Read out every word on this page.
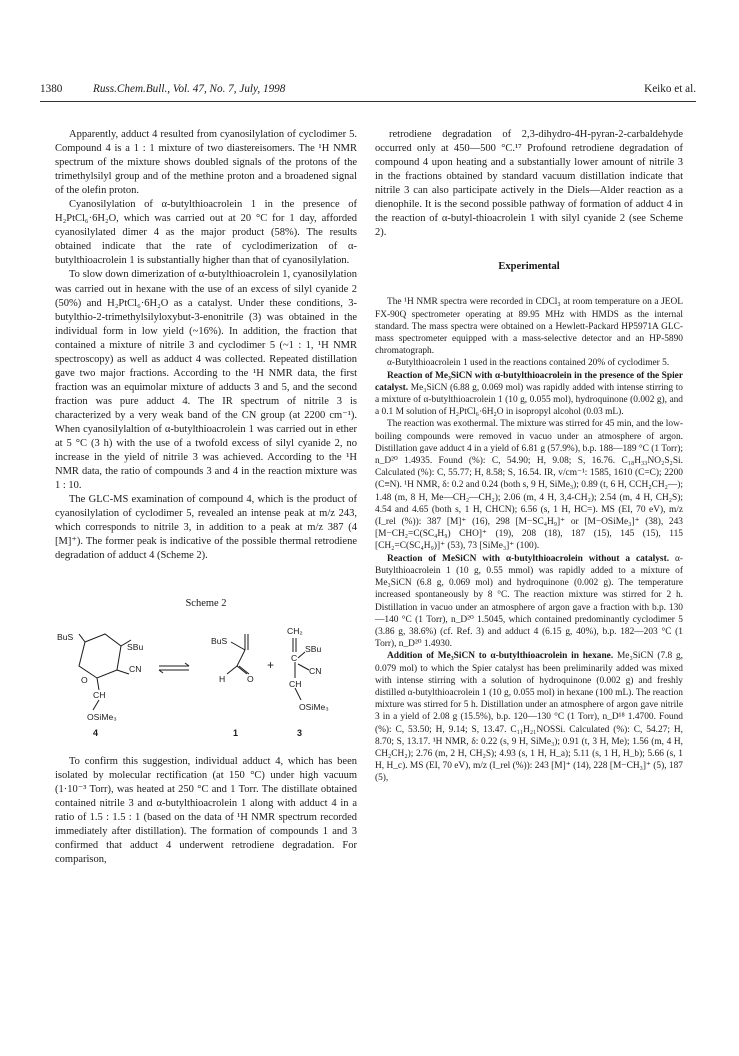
1380	Russ.Chem.Bull., Vol. 47, No. 7, July, 1998	Keiko et al.

Apparently, adduct 4 resulted from cyanosilylation of cyclodimer 5. Compound 4 is a 1 : 1 mixture of two diastereisomers. The ¹H NMR spectrum of the mixture shows doubled signals of the protons of the trimethylsilyl group and of the methine proton and a broadened signal of the olefin proton.

Cyanosilylation of α-butylthioacrolein 1 in the presence of H₂PtCl₆·6H₂O, which was carried out at 20 °C for 1 day, afforded cyanosilylated dimer 4 as the major product (58%). The results obtained indicate that the rate of cyclodimerization of α-butylthioacrolein 1 is substantially higher than that of cyanosilylation.

To slow down dimerization of α-butylthioacrolein 1, cyanosilylation was carried out in hexane with the use of an excess of silyl cyanide 2 (50%) and H₂PtCl₆·6H₂O as a catalyst. Under these conditions, 3-butylthio-2-trimethylsilyloxybut-3-enonitrile (3) was obtained in the individual form in low yield (~16%). In addition, the fraction that contained a mixture of nitrile 3 and cyclodimer 5 (~1 : 1, ¹H NMR spectroscopy) as well as adduct 4 was collected. Repeated distillation gave two major fractions. According to the ¹H NMR data, the first fraction was an equimolar mixture of adducts 3 and 5, and the second fraction was pure adduct 4. The IR spectrum of nitrile 3 is characterized by a very weak band of the CN group (at 2200 cm⁻¹). When cyanosilylaltion of α-butylthioacrolein 1 was carried out in ether at 5 °C (3 h) with the use of a twofold excess of silyl cyanide 2, no increase in the yield of nitrile 3 was achieved. According to the ¹H NMR data, the ratio of compounds 3 and 4 in the reaction mixture was 1 : 10.

The GLC-MS examination of compound 4, which is the product of cyanosilylation of cyclodimer 5, revealed an intense peak at m/z 243, which corresponds to nitrile 3, in addition to a peak at m/z 387 (4 [M]⁺). The former peak is indicative of the possible thermal retrodiene degradation of adduct 4 (Scheme 2).

Scheme 2

BuS
SBu
CN
O
CH
OSiMe₃
4
BuS
H	O
1
+
CH₂
SBu
C
CN
CH
OSiMe₃
3

To confirm this suggestion, individual adduct 4, which has been isolated by molecular rectification (at 150 °C) under high vacuum (1·10⁻³ Torr), was heated at 250 °C and 1 Torr. The distillate obtained contained nitrile 3 and α-butylthioacrolein 1 along with adduct 4 in a ratio of 1.5 : 1.5 : 1 (based on the data of ¹H NMR spectrum recorded immediately after distillation). The formation of compounds 1 and 3 confirmed that adduct 4 underwent retrodiene degradation. For comparison,

retrodiene degradation of 2,3-dihydro-4H-pyran-2-carbaldehyde occurred only at 450—500 °C.¹⁷ Profound retrodiene degradation of compound 4 upon heating and a substantially lower amount of nitrile 3 in the fractions obtained by standard vacuum distillation indicate that nitrile 3 can also participate actively in the Diels—Alder reaction as a dienophile. It is the second possible pathway of formation of adduct 4 in the reaction of α-butyl-thioacrolein 1 with silyl cyanide 2 (see Scheme 2).

Experimental

The ¹H NMR spectra were recorded in CDCl₃ at room temperature on a JEOL FX-90Q spectrometer operating at 89.95 MHz with HMDS as the internal standard. The mass spectra were obtained on a Hewlett-Packard HP5971A GLC-mass spectrometer equipped with a mass-selective detector and an HP-5890 chromatograph.

α-Butylthioacrolein 1 used in the reactions contained 20% of cyclodimer 5.

Reaction of Me₃SiCN with α-butylthioacrolein in the presence of the Spier catalyst. Me₃SiCN (6.88 g, 0.069 mol) was rapidly added with intense stirring to a mixture of α-butylthioacrolein 1 (10 g, 0.055 mol), hydroquinone (0.002 g), and a 0.1 M solution of H₂PtCl₆·6H₂O in isopropyl alcohol (0.03 mL).

The reaction was exothermal. The mixture was stirred for 45 min, and the low-boiling compounds were removed in vacuo under an atmosphere of argon. Distillation gave adduct 4 in a yield of 6.81 g (57.9%), b.p. 188—189 °C (1 Torr); n_D²⁰ 1.4935. Found (%): C, 54.90; H, 9.08; S, 16.76. C₁₈H₃₃NO₂S₂Si. Calculated (%): C, 55.77; H, 8.58; S, 16.54. IR, v/cm⁻¹: 1585, 1610 (C=C); 2200 (C≡N). ¹H NMR, δ: 0.2 and 0.24 (both s, 9 H, SiMe₃); 0.89 (t, 6 H, CCH₂CH₂—); 1.48 (m, 8 H, Me—CH₂—CH₂); 2.06 (m, 4 H, 3,4-CH₂); 2.54 (m, 4 H, CH₂S); 4.54 and 4.65 (both s, 1 H, CHCN); 6.56 (s, 1 H, HC=). MS (EI, 70 eV), m/z (I_rel (%)): 387 [M]⁺ (16), 298 [M−SC₄H₉]⁺ or [M−OSiMe₃]⁺ (38), 243 [M−CH₂=C(SC₄H₉) CHO]⁺ (19), 208 (18), 187 (15), 145 (15), 115 [CH₂=C(SC₄H₉)]⁺ (53), 73 [SiMe₃]⁺ (100).

Reaction of MeSiCN with α-butylthioacrolein without a catalyst. α-Butylthioacrolein 1 (10 g, 0.55 mmol) was rapidly added to a mixture of Me₃SiCN (6.8 g, 0.069 mol) and hydroquinone (0.002 g). The temperature increased spontaneously by 8 °C. The reaction mixture was stirred for 2 h. Distillation in vacuo under an atmosphere of argon gave a fraction with b.p. 130—140 °C (1 Torr), n_D²⁰ 1.5045, which contained predominantly cyclodimer 5 (3.86 g, 38.6%) (cf. Ref. 3) and adduct 4 (6.15 g, 40%), b.p. 182—203 °C (1 Torr), n_D²⁰ 1.4930.

Addition of Me₃SiCN to α-butylthioacrolein in hexane. Me₃SiCN (7.8 g, 0.079 mol) to which the Spier catalyst has been preliminarily added was mixed with intense stirring with a solution of hydroquinone (0.002 g) and freshly distilled α-butylthioacrolein 1 (10 g, 0.055 mol) in hexane (100 mL). The reaction mixture was stirred for 5 h. Distillation under an atmosphere of argon gave nitrile 3 in a yield of 2.08 g (15.5%), b.p. 120—130 °C (1 Torr), n_D¹⁸ 1.4700. Found (%): C, 53.50; H, 9.14; S, 13.47. C₁₁H₂₁NOSSi. Calculated (%): C, 54.27; H, 8.70; S, 13.17. ¹H NMR, δ: 0.22 (s, 9 H, SiMe₃); 0.91 (t, 3 H, Me); 1.56 (m, 4 H, CH₂CH₂); 2.76 (m, 2 H, CH₂S); 4.93 (s, 1 H, H_a); 5.11 (s, 1 H, H_b); 5.66 (s, 1 H, H_c). MS (EI, 70 eV), m/z (I_rel (%)): 243 [M]⁺ (14), 228 [M−CH₃]⁺ (5), 187 (5),
